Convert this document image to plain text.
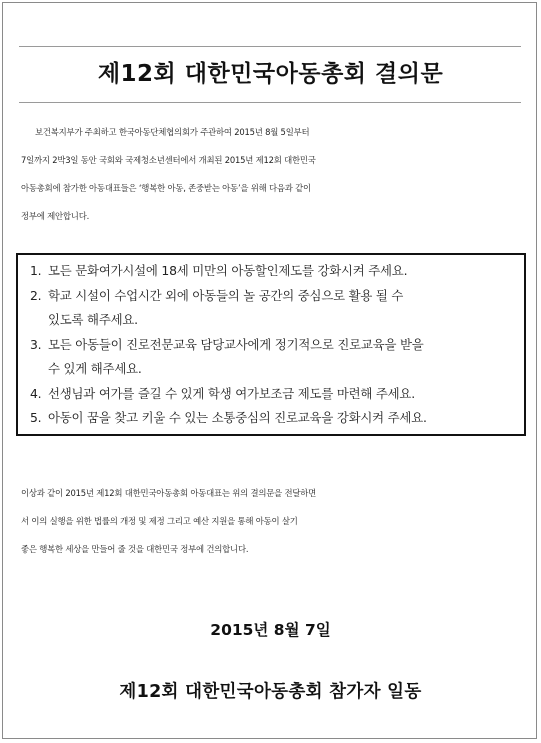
제12회 대한민국아동총회 결의문
보건복지부가 주최하고 한국아동단체협의회가 주관하여 2015년 8월 5일부터
7일까지 2박3일 동안 국회와 국제청소년센터에서 개최된 2015년 제12회 대한민국
아동총회에 참가한 아동대표들은 ‘행복한 아동, 존중받는 아동’을 위해 다음과 같이
정부에 제안합니다.
1. 모든 문화여가시설에 18세 미만의 아동할인제도를 강화시켜 주세요.
2. 학교 시설이 수업시간 외에 아동들의 놀 공간의 중심으로 활용 될 수
있도록 해주세요.
3. 모든 아동들이 진로전문교육 담당교사에게 정기적으로 진로교육을 받을
수 있게 해주세요.
4. 선생님과 여가를 즐길 수 있게 학생 여가보조금 제도를 마련해 주세요.
5. 아동이 꿈을 찾고 키울 수 있는 소통중심의 진로교육을 강화시켜 주세요.
이상과 같이 2015년 제12회 대한민국아동총회 아동대표는 위의 결의문을 전달하면
서 이의 실행을 위한 법률의 개정 및 제정 그리고 예산 지원을 통해 아동이 살기
좋은 행복한 세상을 만들어 줄 것을 대한민국 정부에 건의합니다.
2015년 8월 7일
제12회 대한민국아동총회 참가자 일동
